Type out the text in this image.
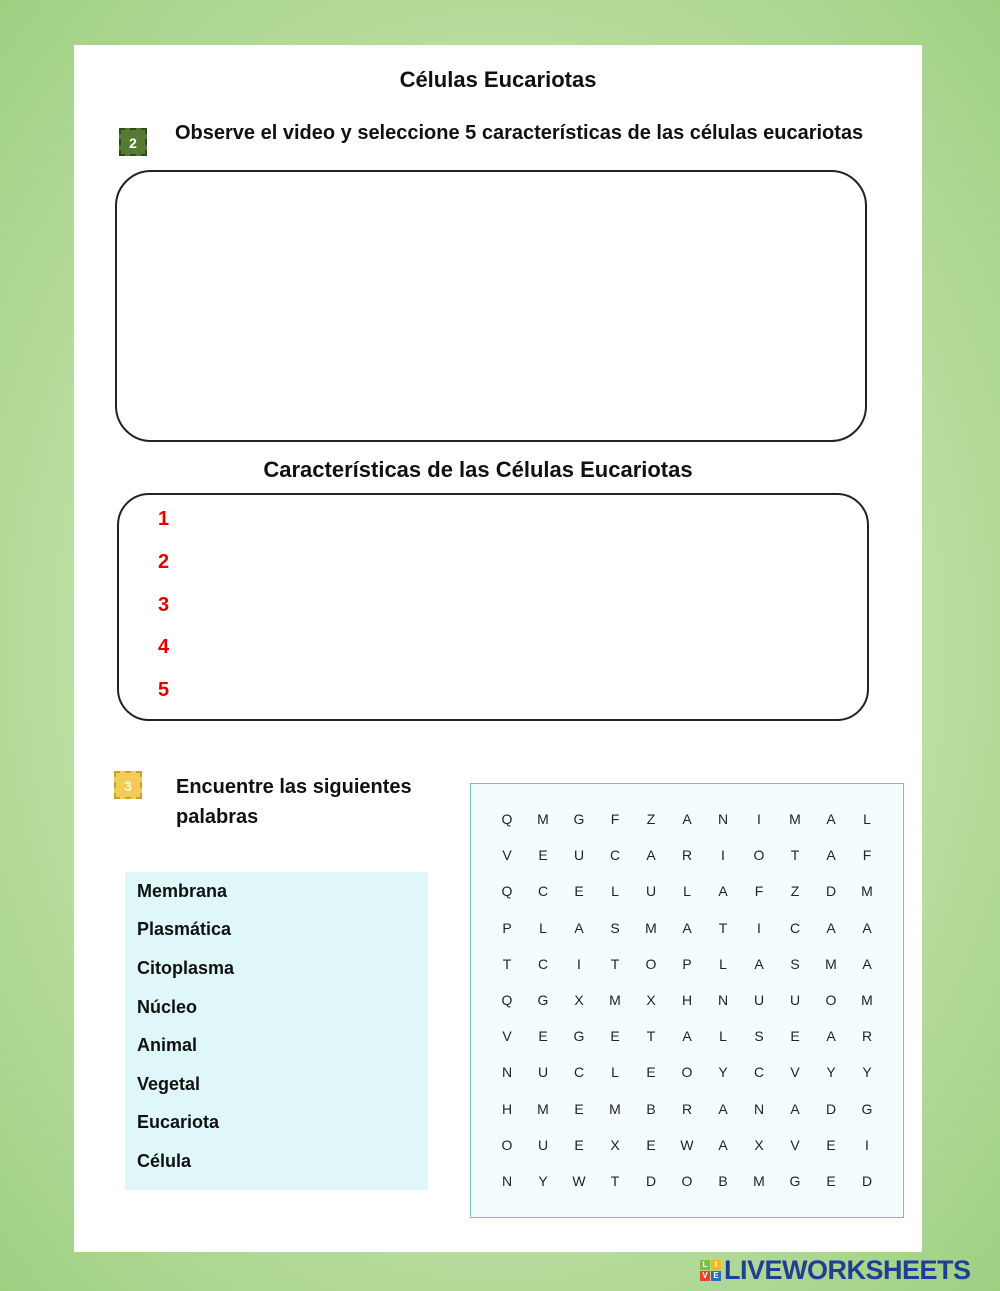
Células Eucariotas
2	Observe el video y seleccione 5 características de las células eucariotas
Características de las Células Eucariotas
1
2
3
4
5
3	Encuentre las siguientes palabras
Membrana
Plasmática
Citoplasma
Núcleo
Animal
Vegetal
Eucariota
Célula
Q	M	G	F	Z	A	N	I	M	A	L
V	E	U	C	A	R	I	O	T	A	F
Q	C	E	L	U	L	A	F	Z	D	M
P	L	A	S	M	A	T	I	C	A	A
T	C	I	T	O	P	L	A	S	M	A
Q	G	X	M	X	H	N	U	U	O	M
V	E	G	E	T	A	L	S	E	A	R
N	U	C	L	E	O	Y	C	V	Y	Y
H	M	E	M	B	R	A	N	A	D	G
O	U	E	X	E	W	A	X	V	E	I
N	Y	W	T	D	O	B	M	G	E	D
L I
V E LIVEWORKSHEETS
